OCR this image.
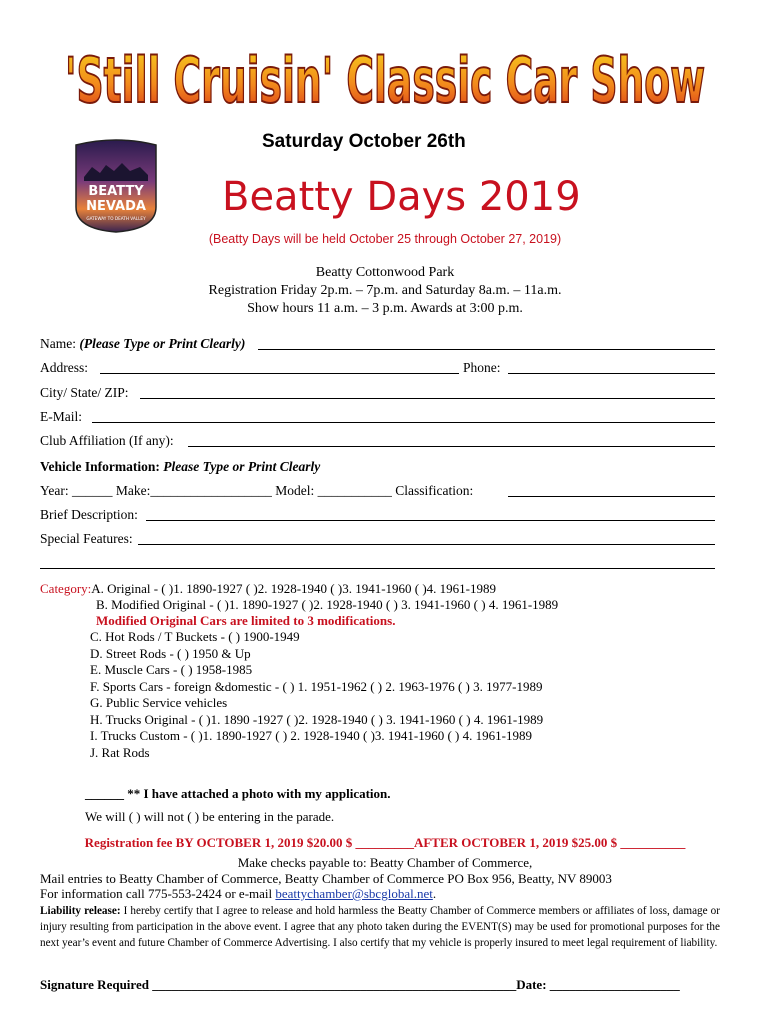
'Still Cruisin' Classic Car Show
Saturday October 26th
BEATTY
NEVADA
GATEWAY TO DEATH VALLEY Beatty Days 2019
(Beatty Days will be held October 25 through October 27, 2019)
Beatty Cottonwood Park
Registration Friday 2p.m. – 7p.m. and Saturday 8a.m. – 11a.m.
Show hours 11 a.m. – 3 p.m. Awards at 3:00 p.m.
Name: (Please Type or Print Clearly)
Address:	Phone:
City/ State/ ZIP:
E-Mail:
Club Affiliation (If any):
Vehicle Information: Please Type or Print Clearly
Year: ______ Make:__________________ Model: ___________ Classification:
Brief Description:
Special Features:
Category:A. Original - ( )1. 1890-1927 ( )2. 1928-1940 ( )3. 1941-1960 ( )4. 1961-1989
B. Modified Original - ( )1. 1890-1927 ( )2. 1928-1940 ( ) 3. 1941-1960 ( ) 4. 1961-1989
Modified Original Cars are limited to 3 modifications.
C. Hot Rods / T Buckets - ( ) 1900-1949
D. Street Rods - ( ) 1950 & Up
E. Muscle Cars - ( ) 1958-1985
F. Sports Cars - foreign &domestic - ( ) 1. 1951-1962 ( ) 2. 1963-1976 ( ) 3. 1977-1989
G. Public Service vehicles
H. Trucks Original - ( )1. 1890 -1927 ( )2. 1928-1940 ( ) 3. 1941-1960 ( ) 4. 1961-1989
I. Trucks Custom - ( )1. 1890-1927 ( ) 2. 1928-1940 ( )3. 1941-1960 ( ) 4. 1961-1989
J. Rat Rods
______ ** I have attached a photo with my application.
We will ( ) will not ( ) be entering in the parade.
Registration fee BY OCTOBER 1, 2019 $20.00 $ _________AFTER OCTOBER 1, 2019 $25.00 $ __________
Make checks payable to: Beatty Chamber of Commerce,
Mail entries to Beatty Chamber of Commerce, Beatty Chamber of Commerce PO Box 956, Beatty, NV 89003
For information call 775-553-2424 or e-mail beattychamber@sbcglobal.net.
Liability release: I hereby certify that I agree to release and hold harmless the Beatty Chamber of Commerce members or affiliates of loss, damage or injury resulting from participation in the above event. I agree that any photo taken during the EVENT(S) may be used for promotional purposes for the next year’s event and future Chamber of Commerce Advertising. I also certify that my vehicle is properly insured to meet legal requirement of liability.
Signature Required ________________________________________________________Date: ____________________
